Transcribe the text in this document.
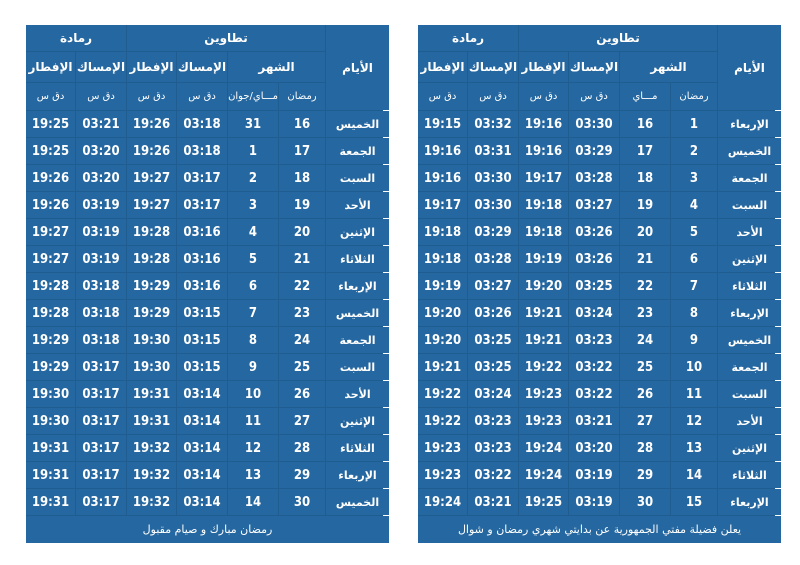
رمادة	تطاوين
الأيام
الإفطار الإمساك الإفطار الإمساك	الشهر
دق س	دق س	دق س	دق س	مـــاي/جوان رمضان
19:25	03:21	19:26	03:18	31	16	الخميس
19:25	03:20	19:26	03:18	1	17	الجمعة
19:26	03:20	19:27	03:17	2	18	السبت
19:26	03:19	19:27	03:17	3	19	الأحد
19:27	03:19	19:28	03:16	4	20	الإثنين
19:27	03:19	19:28	03:16	5	21	الثلاثاء
19:28	03:18	19:29	03:16	6	22	الإربعاء
19:28	03:18	19:29	03:15	7	23	الخميس
19:29	03:18	19:30	03:15	8	24	الجمعة
19:29	03:17	19:30	03:15	9	25	السبت
19:30	03:17	19:31	03:14	10	26	الأحد
19:30	03:17	19:31	03:14	11	27	الإثنين
19:31	03:17	19:32	03:14	12	28	الثلاثاء
19:31	03:17	19:32	03:14	13	29	الإربعاء
19:31	03:17	19:32	03:14	14	30	الخميس
رمضان مبارك و صيام مقبول
رمادة	تطاوين
الأيام
الإفطار الإمساك الإفطار الإمساك	الشهر
دق س	دق س	دق س	دق س	مـــاي	رمضان
19:15	03:32	19:16	03:30	16	1	الإربعاء
19:16	03:31	19:16	03:29	17	2	الخميس
19:16	03:30	19:17	03:28	18	3	الجمعة
19:17	03:30	19:18	03:27	19	4	السبت
19:18	03:29	19:18	03:26	20	5	الأحد
19:18	03:28	19:19	03:26	21	6	الإثنين
19:19	03:27	19:20	03:25	22	7	الثلاثاء
19:20	03:26	19:21	03:24	23	8	الإربعاء
19:20	03:25	19:21	03:23	24	9	الخميس
19:21	03:25	19:22	03:22	25	10	الجمعة
19:22	03:24	19:23	03:22	26	11	السبت
19:22	03:23	19:23	03:21	27	12	الأحد
19:23	03:23	19:24	03:20	28	13	الإثنين
19:23	03:22	19:24	03:19	29	14	الثلاثاء
19:24	03:21	19:25	03:19	30	15	الإربعاء
يعلن فضيلة مفتي الجمهورية عن بدايتي شهري رمضان و شوال
